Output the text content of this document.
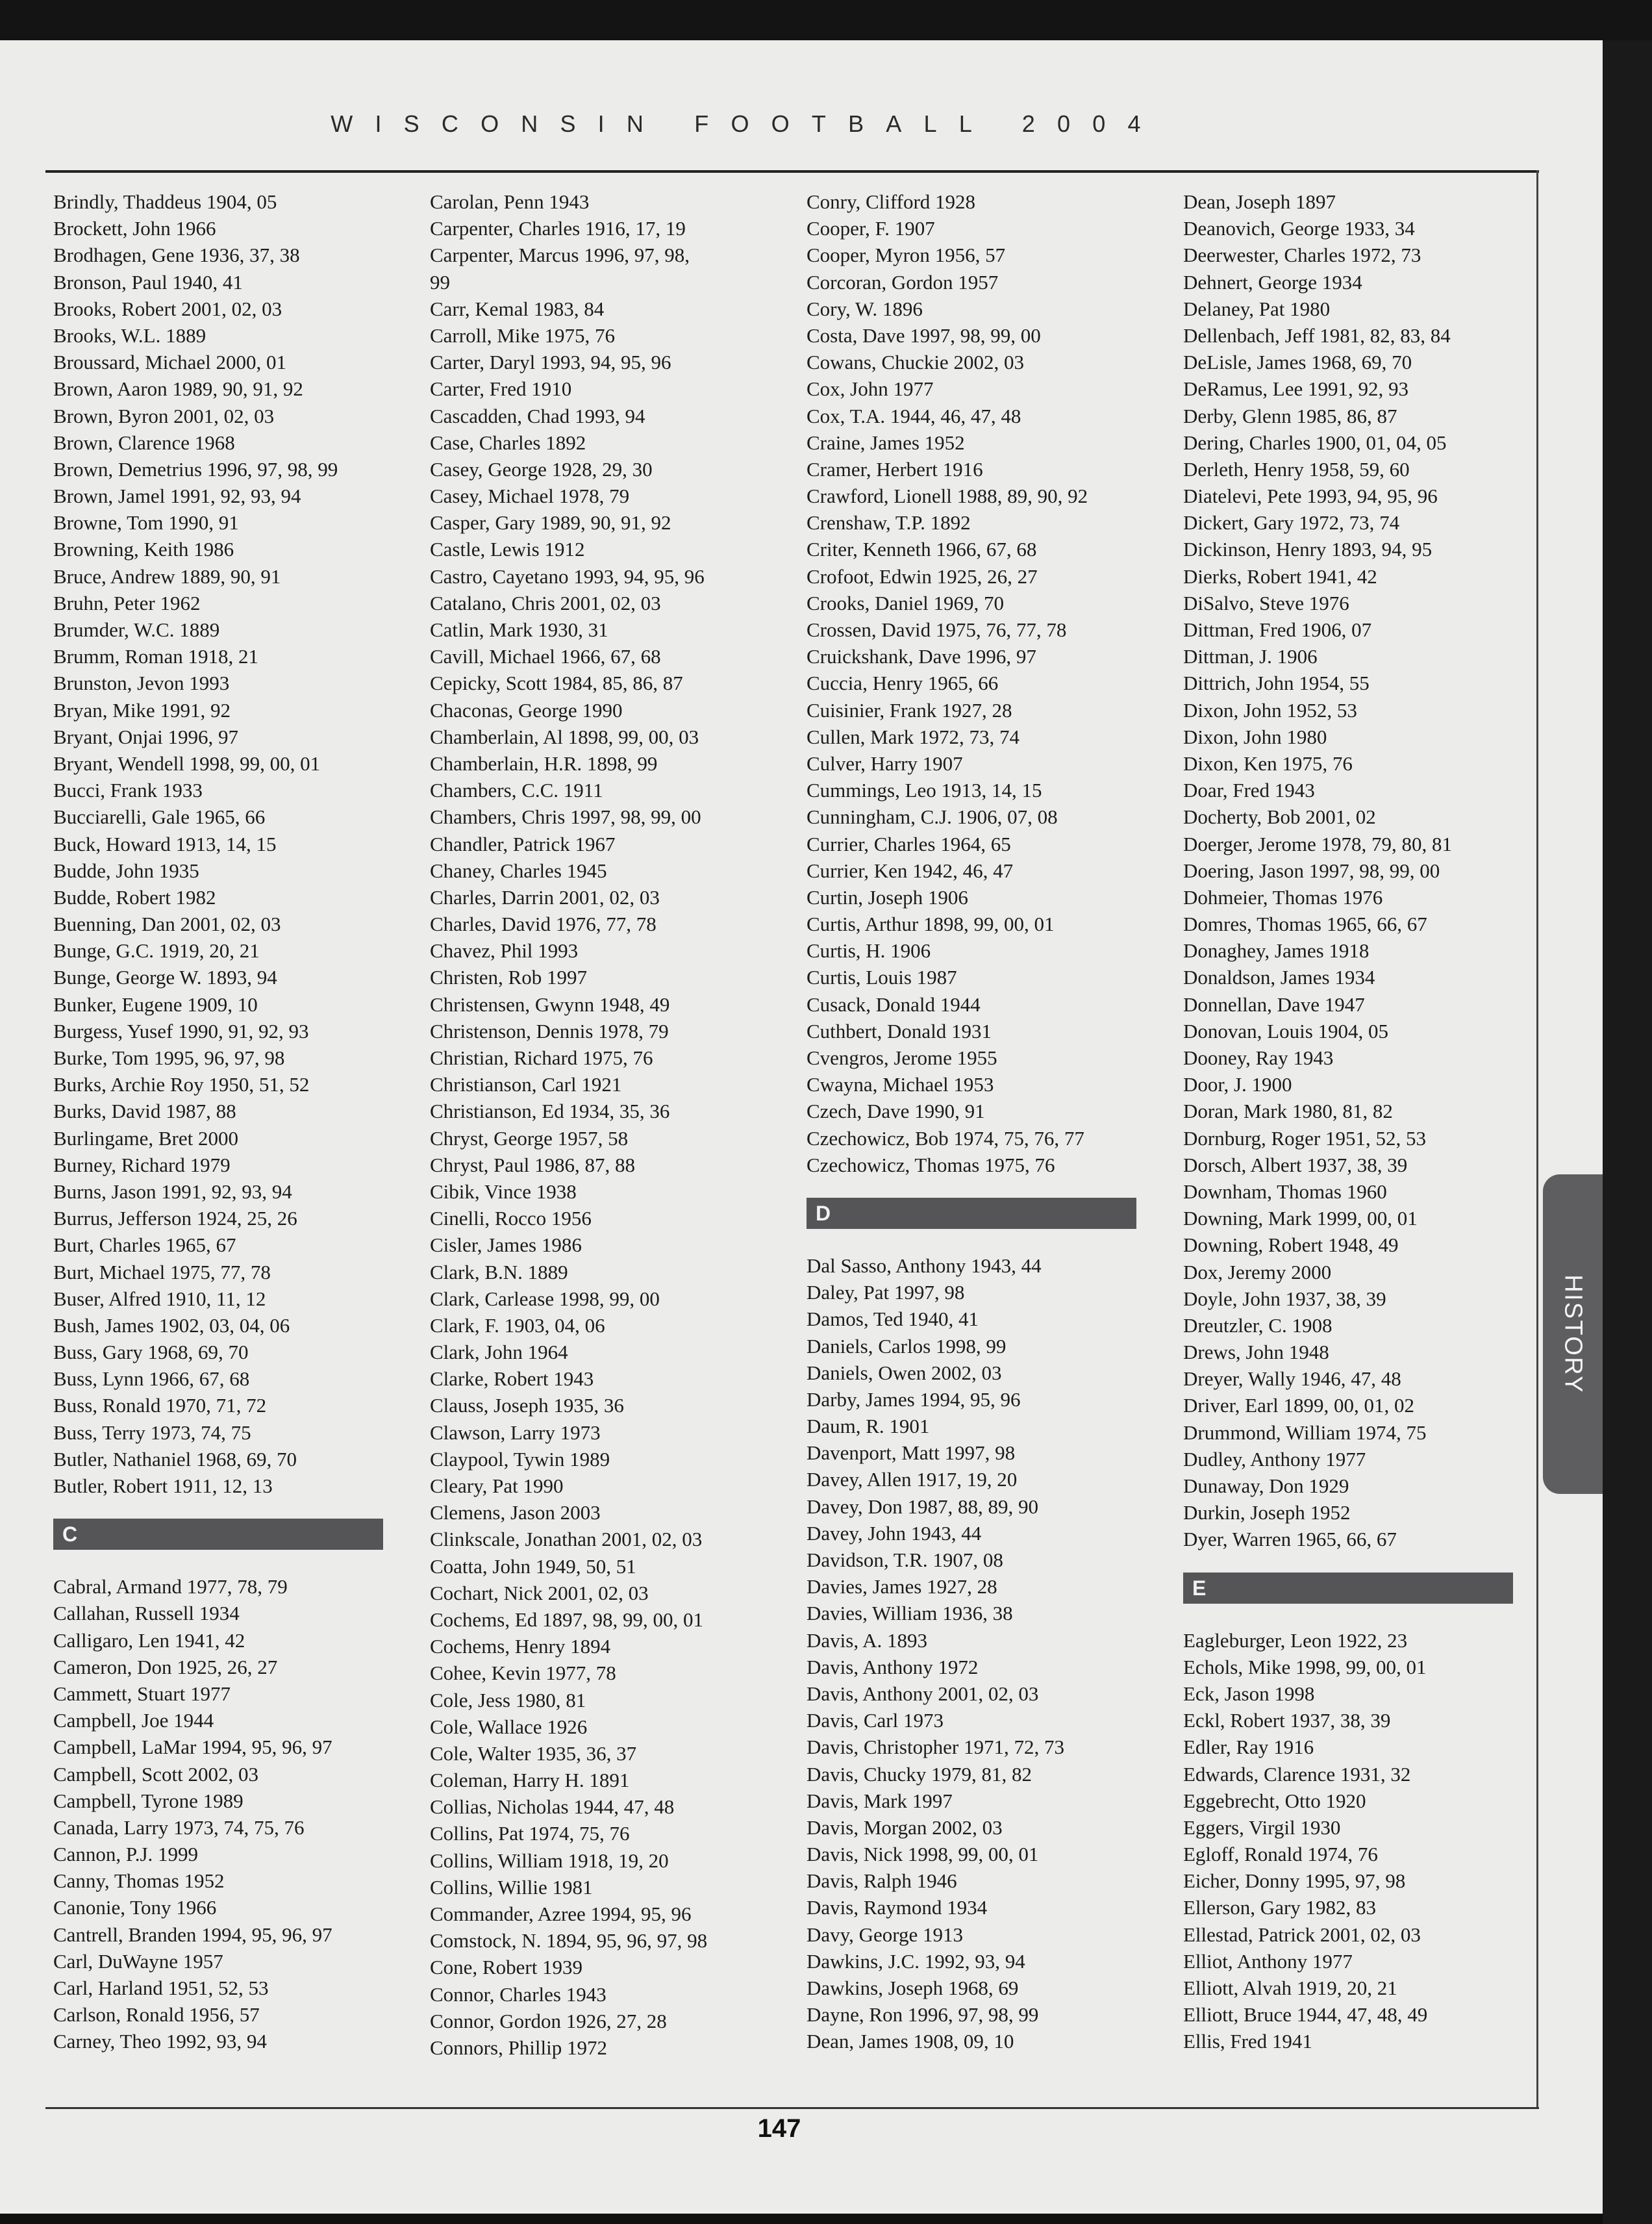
WISCONSIN FOOTBALL 2004
Brindly, Thaddeus 1904, 05
Brockett, John 1966
Brodhagen, Gene 1936, 37, 38
Bronson, Paul 1940, 41
Brooks, Robert 2001, 02, 03
Brooks, W.L. 1889
Broussard, Michael 2000, 01
Brown, Aaron 1989, 90, 91, 92
Brown, Byron 2001, 02, 03
Brown, Clarence 1968
Brown, Demetrius 1996, 97, 98, 99
Brown, Jamel 1991, 92, 93, 94
Browne, Tom 1990, 91
Browning, Keith 1986
Bruce, Andrew 1889, 90, 91
Bruhn, Peter 1962
Brumder, W.C. 1889
Brumm, Roman 1918, 21
Brunston, Jevon 1993
Bryan, Mike 1991, 92
Bryant, Onjai 1996, 97
Bryant, Wendell 1998, 99, 00, 01
Bucci, Frank 1933
Bucciarelli, Gale 1965, 66
Buck, Howard 1913, 14, 15
Budde, John 1935
Budde, Robert 1982
Buenning, Dan 2001, 02, 03
Bunge, G.C. 1919, 20, 21
Bunge, George W. 1893, 94
Bunker, Eugene 1909, 10
Burgess, Yusef 1990, 91, 92, 93
Burke, Tom 1995, 96, 97, 98
Burks, Archie Roy 1950, 51, 52
Burks, David 1987, 88
Burlingame, Bret 2000
Burney, Richard 1979
Burns, Jason 1991, 92, 93, 94
Burrus, Jefferson 1924, 25, 26
Burt, Charles 1965, 67
Burt, Michael 1975, 77, 78
Buser, Alfred 1910, 11, 12
Bush, James 1902, 03, 04, 06
Buss, Gary 1968, 69, 70
Buss, Lynn 1966, 67, 68
Buss, Ronald 1970, 71, 72
Buss, Terry 1973, 74, 75
Butler, Nathaniel 1968, 69, 70
Butler, Robert 1911, 12, 13
C
Cabral, Armand 1977, 78, 79
Callahan, Russell 1934
Calligaro, Len 1941, 42
Cameron, Don 1925, 26, 27
Cammett, Stuart 1977
Campbell, Joe 1944
Campbell, LaMar 1994, 95, 96, 97
Campbell, Scott 2002, 03
Campbell, Tyrone 1989
Canada, Larry 1973, 74, 75, 76
Cannon, P.J. 1999
Canny, Thomas 1952
Canonie, Tony 1966
Cantrell, Branden 1994, 95, 96, 97
Carl, DuWayne 1957
Carl, Harland 1951, 52, 53
Carlson, Ronald 1956, 57
Carney, Theo 1992, 93, 94
Carolan, Penn 1943
Carpenter, Charles 1916, 17, 19
Carpenter, Marcus 1996, 97, 98,
99
Carr, Kemal 1983, 84
Carroll, Mike 1975, 76
Carter, Daryl 1993, 94, 95, 96
Carter, Fred 1910
Cascadden, Chad 1993, 94
Case, Charles 1892
Casey, George 1928, 29, 30
Casey, Michael 1978, 79
Casper, Gary 1989, 90, 91, 92
Castle, Lewis 1912
Castro, Cayetano 1993, 94, 95, 96
Catalano, Chris 2001, 02, 03
Catlin, Mark 1930, 31
Cavill, Michael 1966, 67, 68
Cepicky, Scott 1984, 85, 86, 87
Chaconas, George 1990
Chamberlain, Al 1898, 99, 00, 03
Chamberlain, H.R. 1898, 99
Chambers, C.C. 1911
Chambers, Chris 1997, 98, 99, 00
Chandler, Patrick 1967
Chaney, Charles 1945
Charles, Darrin 2001, 02, 03
Charles, David 1976, 77, 78
Chavez, Phil 1993
Christen, Rob 1997
Christensen, Gwynn 1948, 49
Christenson, Dennis 1978, 79
Christian, Richard 1975, 76
Christianson, Carl 1921
Christianson, Ed 1934, 35, 36
Chryst, George 1957, 58
Chryst, Paul 1986, 87, 88
Cibik, Vince 1938
Cinelli, Rocco 1956
Cisler, James 1986
Clark, B.N. 1889
Clark, Carlease 1998, 99, 00
Clark, F. 1903, 04, 06
Clark, John 1964
Clarke, Robert 1943
Clauss, Joseph 1935, 36
Clawson, Larry 1973
Claypool, Tywin 1989
Cleary, Pat 1990
Clemens, Jason 2003
Clinkscale, Jonathan 2001, 02, 03
Coatta, John 1949, 50, 51
Cochart, Nick 2001, 02, 03
Cochems, Ed 1897, 98, 99, 00, 01
Cochems, Henry 1894
Cohee, Kevin 1977, 78
Cole, Jess 1980, 81
Cole, Wallace 1926
Cole, Walter 1935, 36, 37
Coleman, Harry H. 1891
Collias, Nicholas 1944, 47, 48
Collins, Pat 1974, 75, 76
Collins, William 1918, 19, 20
Collins, Willie 1981
Commander, Azree 1994, 95, 96
Comstock, N. 1894, 95, 96, 97, 98
Cone, Robert 1939
Connor, Charles 1943
Connor, Gordon 1926, 27, 28
Connors, Phillip 1972
Conry, Clifford 1928
Cooper, F. 1907
Cooper, Myron 1956, 57
Corcoran, Gordon 1957
Cory, W. 1896
Costa, Dave 1997, 98, 99, 00
Cowans, Chuckie 2002, 03
Cox, John 1977
Cox, T.A. 1944, 46, 47, 48
Craine, James 1952
Cramer, Herbert 1916
Crawford, Lionell 1988, 89, 90, 92
Crenshaw, T.P. 1892
Criter, Kenneth 1966, 67, 68
Crofoot, Edwin 1925, 26, 27
Crooks, Daniel 1969, 70
Crossen, David 1975, 76, 77, 78
Cruickshank, Dave 1996, 97
Cuccia, Henry 1965, 66
Cuisinier, Frank 1927, 28
Cullen, Mark 1972, 73, 74
Culver, Harry 1907
Cummings, Leo 1913, 14, 15
Cunningham, C.J. 1906, 07, 08
Currier, Charles 1964, 65
Currier, Ken 1942, 46, 47
Curtin, Joseph 1906
Curtis, Arthur 1898, 99, 00, 01
Curtis, H. 1906
Curtis, Louis 1987
Cusack, Donald 1944
Cuthbert, Donald 1931
Cvengros, Jerome 1955
Cwayna, Michael 1953
Czech, Dave 1990, 91
Czechowicz, Bob 1974, 75, 76, 77
Czechowicz, Thomas 1975, 76
D
Dal Sasso, Anthony 1943, 44
Daley, Pat 1997, 98
Damos, Ted 1940, 41
Daniels, Carlos 1998, 99
Daniels, Owen 2002, 03
Darby, James 1994, 95, 96
Daum, R. 1901
Davenport, Matt 1997, 98
Davey, Allen 1917, 19, 20
Davey, Don 1987, 88, 89, 90
Davey, John 1943, 44
Davidson, T.R. 1907, 08
Davies, James 1927, 28
Davies, William 1936, 38
Davis, A. 1893
Davis, Anthony 1972
Davis, Anthony 2001, 02, 03
Davis, Carl 1973
Davis, Christopher 1971, 72, 73
Davis, Chucky 1979, 81, 82
Davis, Mark 1997
Davis, Morgan 2002, 03
Davis, Nick 1998, 99, 00, 01
Davis, Ralph 1946
Davis, Raymond 1934
Davy, George 1913
Dawkins, J.C. 1992, 93, 94
Dawkins, Joseph 1968, 69
Dayne, Ron 1996, 97, 98, 99
Dean, James 1908, 09, 10
Dean, Joseph 1897
Deanovich, George 1933, 34
Deerwester, Charles 1972, 73
Dehnert, George 1934
Delaney, Pat 1980
Dellenbach, Jeff 1981, 82, 83, 84
DeLisle, James 1968, 69, 70
DeRamus, Lee 1991, 92, 93
Derby, Glenn 1985, 86, 87
Dering, Charles 1900, 01, 04, 05
Derleth, Henry 1958, 59, 60
Diatelevi, Pete 1993, 94, 95, 96
Dickert, Gary 1972, 73, 74
Dickinson, Henry 1893, 94, 95
Dierks, Robert 1941, 42
DiSalvo, Steve 1976
Dittman, Fred 1906, 07
Dittman, J. 1906
Dittrich, John 1954, 55
Dixon, John 1952, 53
Dixon, John 1980
Dixon, Ken 1975, 76
Doar, Fred 1943
Docherty, Bob 2001, 02
Doerger, Jerome 1978, 79, 80, 81
Doering, Jason 1997, 98, 99, 00
Dohmeier, Thomas 1976
Domres, Thomas 1965, 66, 67
Donaghey, James 1918
Donaldson, James 1934
Donnellan, Dave 1947
Donovan, Louis 1904, 05
Dooney, Ray 1943
Door, J. 1900
Doran, Mark 1980, 81, 82
Dornburg, Roger 1951, 52, 53
Dorsch, Albert 1937, 38, 39
Downham, Thomas 1960
Downing, Mark 1999, 00, 01
Downing, Robert 1948, 49
Dox, Jeremy 2000
Doyle, John 1937, 38, 39
Dreutzler, C. 1908
Drews, John 1948
Dreyer, Wally 1946, 47, 48
Driver, Earl 1899, 00, 01, 02
Drummond, William 1974, 75
Dudley, Anthony 1977
Dunaway, Don 1929
Durkin, Joseph 1952
Dyer, Warren 1965, 66, 67
E
Eagleburger, Leon 1922, 23
Echols, Mike 1998, 99, 00, 01
Eck, Jason 1998
Eckl, Robert 1937, 38, 39
Edler, Ray 1916
Edwards, Clarence 1931, 32
Eggebrecht, Otto 1920
Eggers, Virgil 1930
Egloff, Ronald 1974, 76
Eicher, Donny 1995, 97, 98
Ellerson, Gary 1982, 83
Ellestad, Patrick 2001, 02, 03
Elliot, Anthony 1977
Elliott, Alvah 1919, 20, 21
Elliott, Bruce 1944, 47, 48, 49
Ellis, Fred 1941
147
HISTORY
